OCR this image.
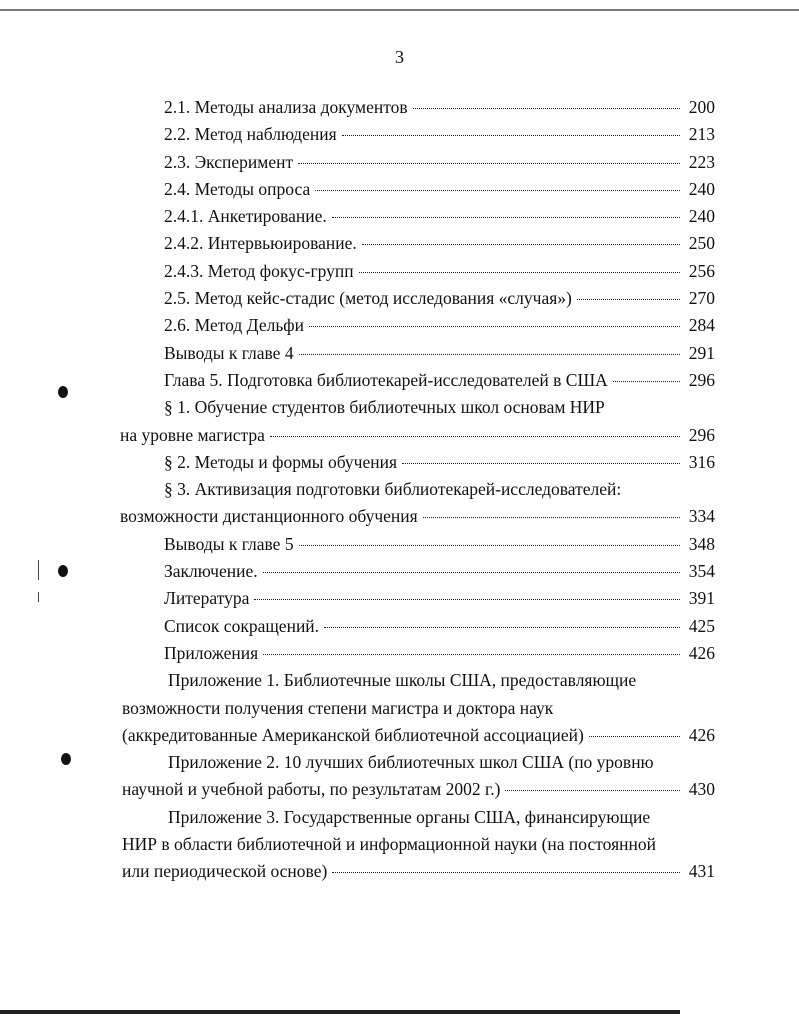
3
2.1. Методы анализа документов	200
2.2. Метод наблюдения	213
2.3. Эксперимент	223
2.4. Методы опроса	240
2.4.1. Анкетирование.	240
2.4.2. Интервьюирование.	250
2.4.3. Метод фокус-групп	256
2.5. Метод кейс-стадис (метод исследования «случая»)	270
2.6. Метод Дельфи	284
Выводы к главе 4	291
Глава 5. Подготовка библиотекарей-исследователей в США	296
§ 1. Обучение студентов библиотечных школ основам НИР
на уровне магистра	296
§ 2. Методы и формы обучения	316
§ 3. Активизация подготовки библиотекарей-исследователей:
возможности дистанционного обучения	334
Выводы к главе 5	348
Заключение.	354
Литература	391
Список сокращений.	425
Приложения	426
Приложение 1. Библиотечные школы США, предоставляющие
возможности получения степени магистра и доктора наук
(аккредитованные Американской библиотечной ассоциацией)	426
Приложение 2. 10 лучших библиотечных школ США (по уровню
научной и учебной работы, по результатам 2002 г.)	430
Приложение 3. Государственные органы США, финансирующие
НИР в области библиотечной и информационной науки (на постоянной
или периодической основе)	431
